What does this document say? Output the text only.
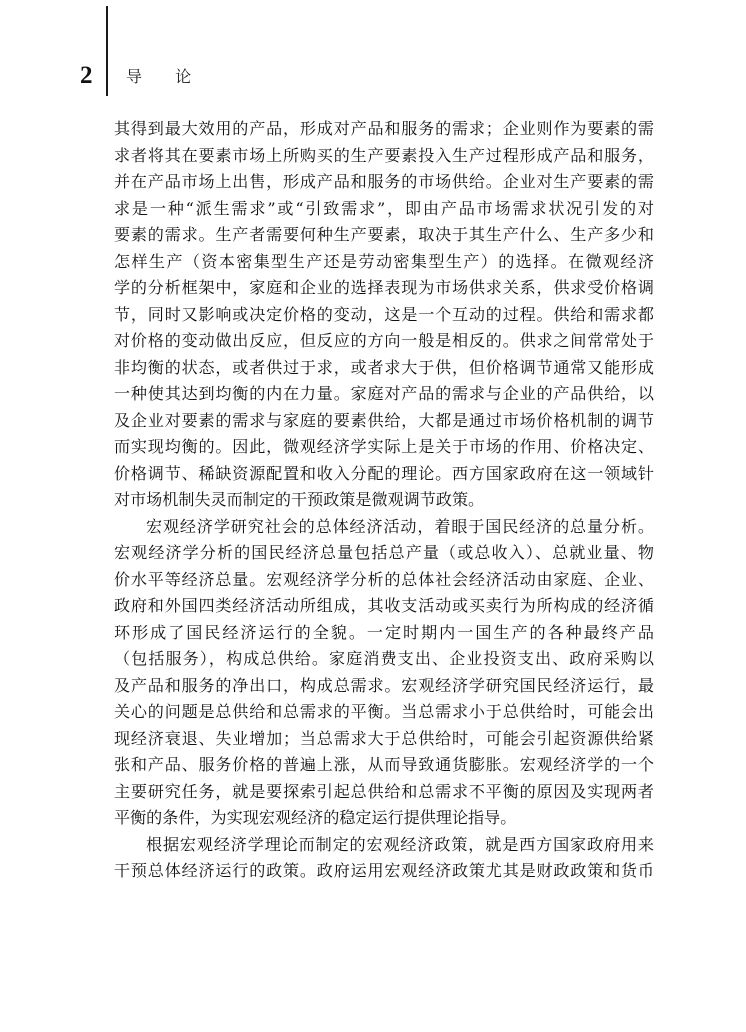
2 导 论
其得到最大效用的产品，形成对产品和服务的需求；企业则作为要素的需
求者将其在要素市场上所购买的生产要素投入生产过程形成产品和服务，
并在产品市场上出售，形成产品和服务的市场供给。企业对生产要素的需
求是一种“派生需求”或“引致需求”，即由产品市场需求状况引发的对
要素的需求。生产者需要何种生产要素，取决于其生产什么、生产多少和
怎样生产（资本密集型生产还是劳动密集型生产）的选择。在微观经济
学的分析框架中，家庭和企业的选择表现为市场供求关系，供求受价格调
节，同时又影响或决定价格的变动，这是一个互动的过程。供给和需求都
对价格的变动做出反应，但反应的方向一般是相反的。供求之间常常处于
非均衡的状态，或者供过于求，或者求大于供，但价格调节通常又能形成
一种使其达到均衡的内在力量。家庭对产品的需求与企业的产品供给，以
及企业对要素的需求与家庭的要素供给，大都是通过市场价格机制的调节
而实现均衡的。因此，微观经济学实际上是关于市场的作用、价格决定、
价格调节、稀缺资源配置和收入分配的理论。西方国家政府在这一领域针
对市场机制失灵而制定的干预政策是微观调节政策。
宏观经济学研究社会的总体经济活动，着眼于国民经济的总量分析。
宏观经济学分析的国民经济总量包括总产量（或总收入）、总就业量、物
价水平等经济总量。宏观经济学分析的总体社会经济活动由家庭、企业、
政府和外国四类经济活动所组成，其收支活动或买卖行为所构成的经济循
环形成了国民经济运行的全貌。一定时期内一国生产的各种最终产品
（包括服务），构成总供给。家庭消费支出、企业投资支出、政府采购以
及产品和服务的净出口，构成总需求。宏观经济学研究国民经济运行，最
关心的问题是总供给和总需求的平衡。当总需求小于总供给时，可能会出
现经济衰退、失业增加；当总需求大于总供给时，可能会引起资源供给紧
张和产品、服务价格的普遍上涨，从而导致通货膨胀。宏观经济学的一个
主要研究任务，就是要探索引起总供给和总需求不平衡的原因及实现两者
平衡的条件，为实现宏观经济的稳定运行提供理论指导。
根据宏观经济学理论而制定的宏观经济政策，就是西方国家政府用来
干预总体经济运行的政策。政府运用宏观经济政策尤其是财政政策和货币
